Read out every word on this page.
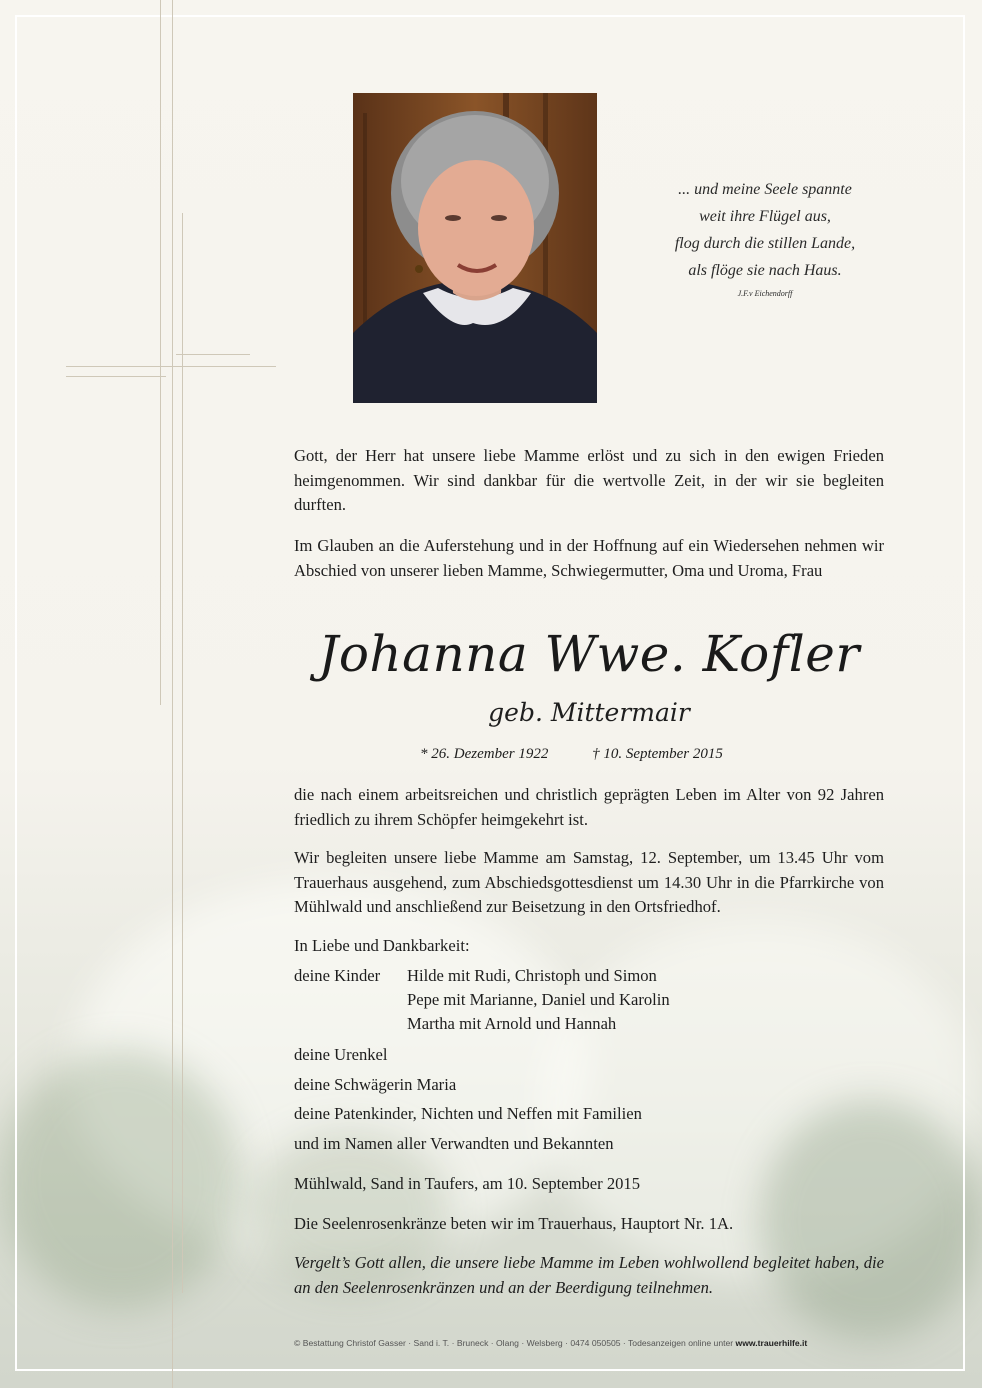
... und meine Seele spannte
weit ihre Flügel aus,
flog durch die stillen Lande,
als flöge sie nach Haus.
J.F.v Eichendorff
Gott, der Herr hat unsere liebe Mamme erlöst und zu sich in den ewigen Frieden heimgenommen. Wir sind dankbar für die wertvolle Zeit, in der wir sie begleiten durften.
Im Glauben an die Auferstehung und in der Hoffnung auf ein Wiedersehen nehmen wir Abschied von unserer lieben Mamme, Schwiegermutter, Oma und Uroma, Frau
Johanna Wwe. Kofler
geb. Mittermair
* 26. Dezember 1922	† 10. September 2015
die nach einem arbeitsreichen und christlich geprägten Leben im Alter von 92 Jahren friedlich zu ihrem Schöpfer heimgekehrt ist.
Wir begleiten unsere liebe Mamme am Samstag, 12. September, um 13.45 Uhr vom Trauerhaus ausgehend, zum Abschiedsgottesdienst um 14.30 Uhr in die Pfarrkirche von Mühlwald und anschließend zur Beisetzung in den Ortsfriedhof.
In Liebe und Dankbarkeit:
deine Kinder Hilde mit Rudi, Christoph und Simon
Pepe mit Marianne, Daniel und Karolin
Martha mit Arnold und Hannah
deine Urenkel
deine Schwägerin Maria
deine Patenkinder, Nichten und Neffen mit Familien
und im Namen aller Verwandten und Bekannten
Mühlwald, Sand in Taufers, am 10. September 2015
Die Seelenrosenkränze beten wir im Trauerhaus, Hauptort Nr. 1A.
Vergelt’s Gott allen, die unsere liebe Mamme im Leben wohlwollend begleitet haben, die an den Seelenrosenkränzen und an der Beerdigung teilnehmen.
© Bestattung Christof Gasser · Sand i. T. · Bruneck · Olang · Welsberg · 0474 050505 · Todesanzeigen online unter www.trauerhilfe.it
